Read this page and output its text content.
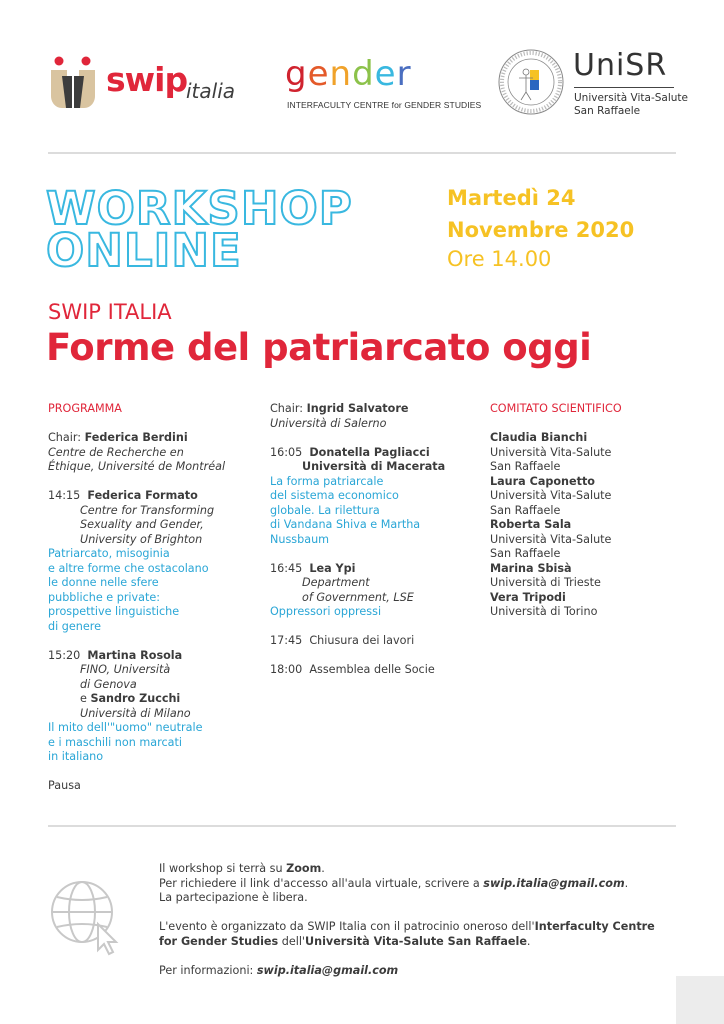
swip
italia gender
INTERFACULTY CENTRE for GENDER STUDIES
UniSR
Università Vita-Salute
San Raffaele
WORKSHOP
ONLINE
Martedì 24
Novembre 2020
Ore 14.00
SWIP ITALIA
Forme del patriarcato oggi
PROGRAMMA
Chair: Federica Berdini
Centre de Recherche en
Éthique, Université de Montréal
14:15 Federica Formato
Centre for Transforming
Sexuality and Gender,
University of Brighton
Patriarcato, misoginia
e altre forme che ostacolano
le donne nelle sfere
pubbliche e private:
prospettive linguistiche
di genere
15:20 Martina Rosola
FINO, Università
di Genova
e Sandro Zucchi
Università di Milano
Il mito dell'"uomo" neutrale
e i maschili non marcati
in italiano
Pausa
Chair: Ingrid Salvatore
Università di Salerno
16:05 Donatella Pagliacci
Università di Macerata
La forma patriarcale
del sistema economico
globale. La rilettura
di Vandana Shiva e Martha
Nussbaum
16:45 Lea Ypi
Department
of Government, LSE
Oppressori oppressi
17:45 Chiusura dei lavori
18:00 Assemblea delle Socie
COMITATO SCIENTIFICO
Claudia Bianchi
Università Vita-Salute
San Raffaele
Laura Caponetto
Università Vita-Salute
San Raffaele
Roberta Sala
Università Vita-Salute
San Raffaele
Marina Sbisà
Università di Trieste
Vera Tripodi
Università di Torino
Il workshop si terrà su Zoom.
Per richiedere il link d'accesso all'aula virtuale, scrivere a swip.italia@gmail.com.
La partecipazione è libera.
L'evento è organizzato da SWIP Italia con il patrocinio oneroso dell'Interfaculty Centre
for Gender Studies dell'Università Vita-Salute San Raffaele.
Per informazioni: swip.italia@gmail.com
